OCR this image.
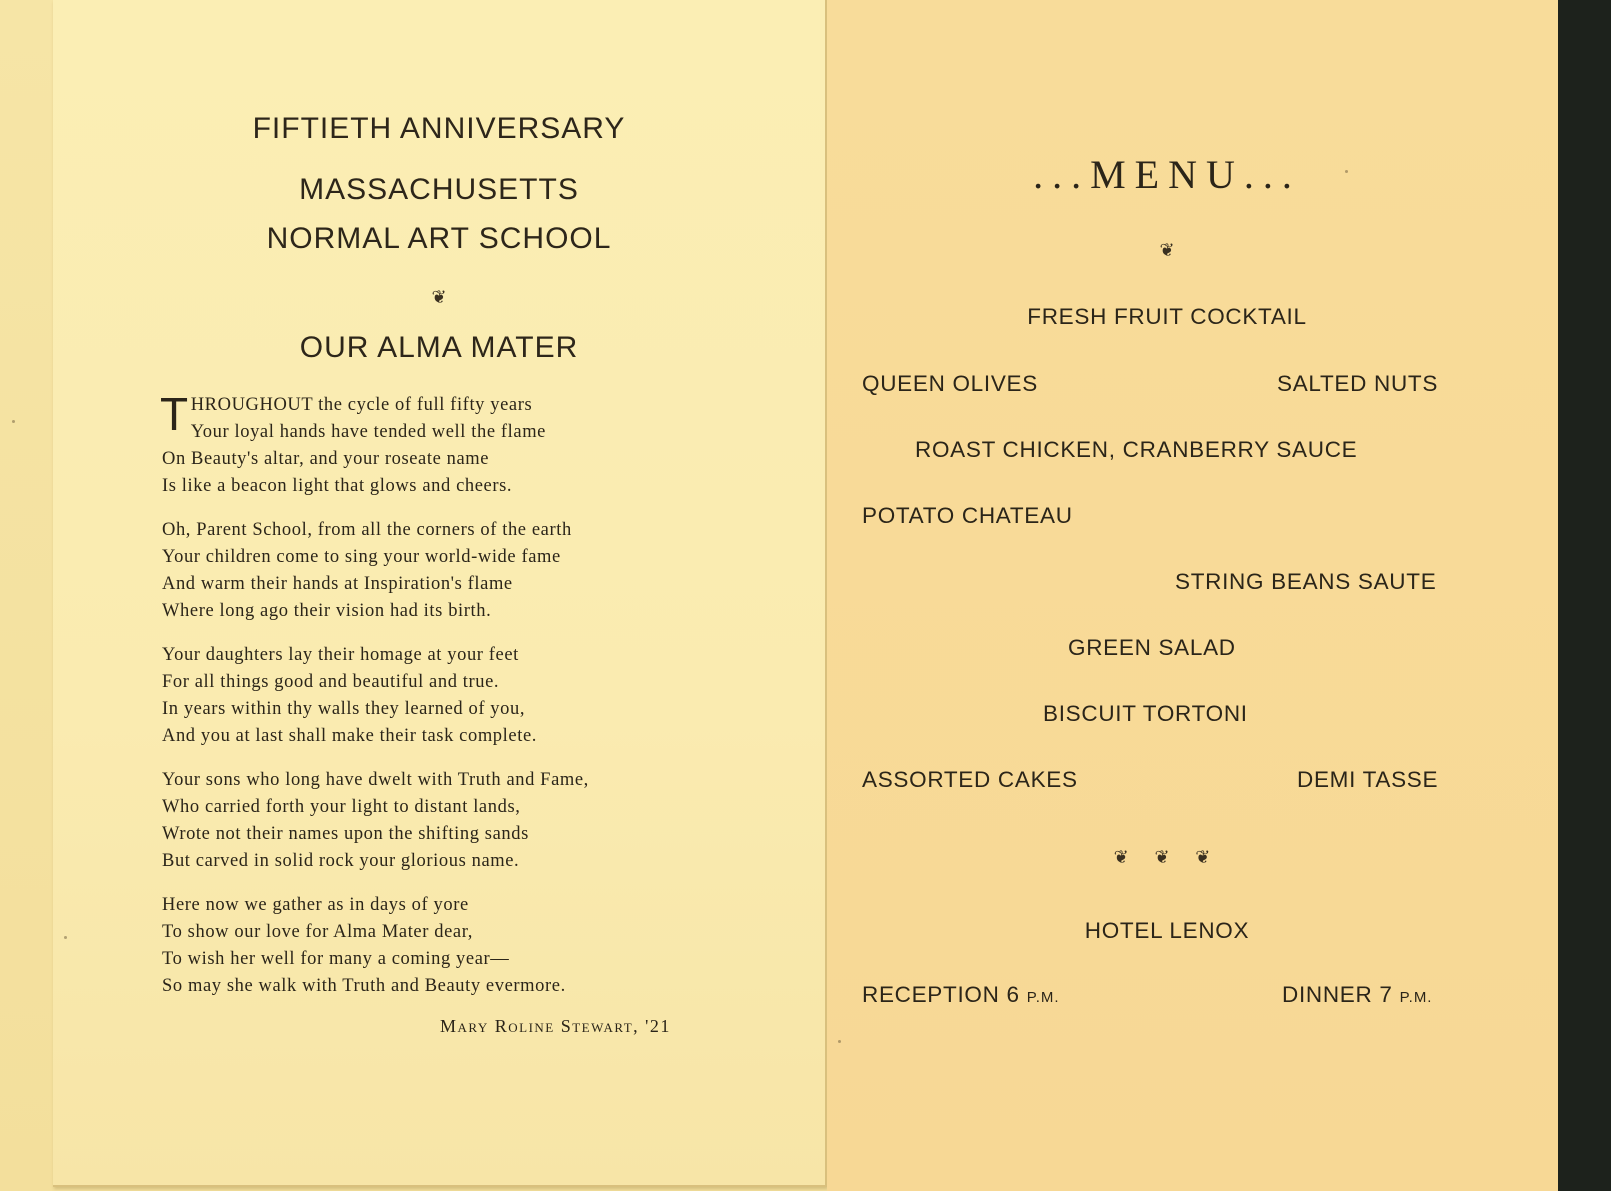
FIFTIETH ANNIVERSARY
MASSACHUSETTS
NORMAL ART SCHOOL
❦
OUR ALMA MATER
T HROUGHOUT the cycle of full fifty years
Your loyal hands have tended well the flame
On Beauty's altar, and your roseate name
Is like a beacon light that glows and cheers.
Oh, Parent School, from all the corners of the earth
Your children come to sing your world-wide fame
And warm their hands at Inspiration's flame
Where long ago their vision had its birth.
Your daughters lay their homage at your feet
For all things good and beautiful and true.
In years within thy walls they learned of you,
And you at last shall make their task complete.
Your sons who long have dwelt with Truth and Fame,
Who carried forth your light to distant lands,
Wrote not their names upon the shifting sands
But carved in solid rock your glorious name.
Here now we gather as in days of yore
To show our love for Alma Mater dear,
To wish her well for many a coming year—
So may she walk with Truth and Beauty evermore.
Mary Roline Stewart, '21
...MENU...
❦
FRESH FRUIT COCKTAIL
QUEEN OLIVES	SALTED NUTS
ROAST CHICKEN, CRANBERRY SAUCE
POTATO CHATEAU
STRING BEANS SAUTE
GREEN SALAD
BISCUIT TORTONI
ASSORTED CAKES	DEMI TASSE
❦ ❦ ❦
HOTEL LENOX
RECEPTION 6 P.M.	DINNER 7 P.M.
